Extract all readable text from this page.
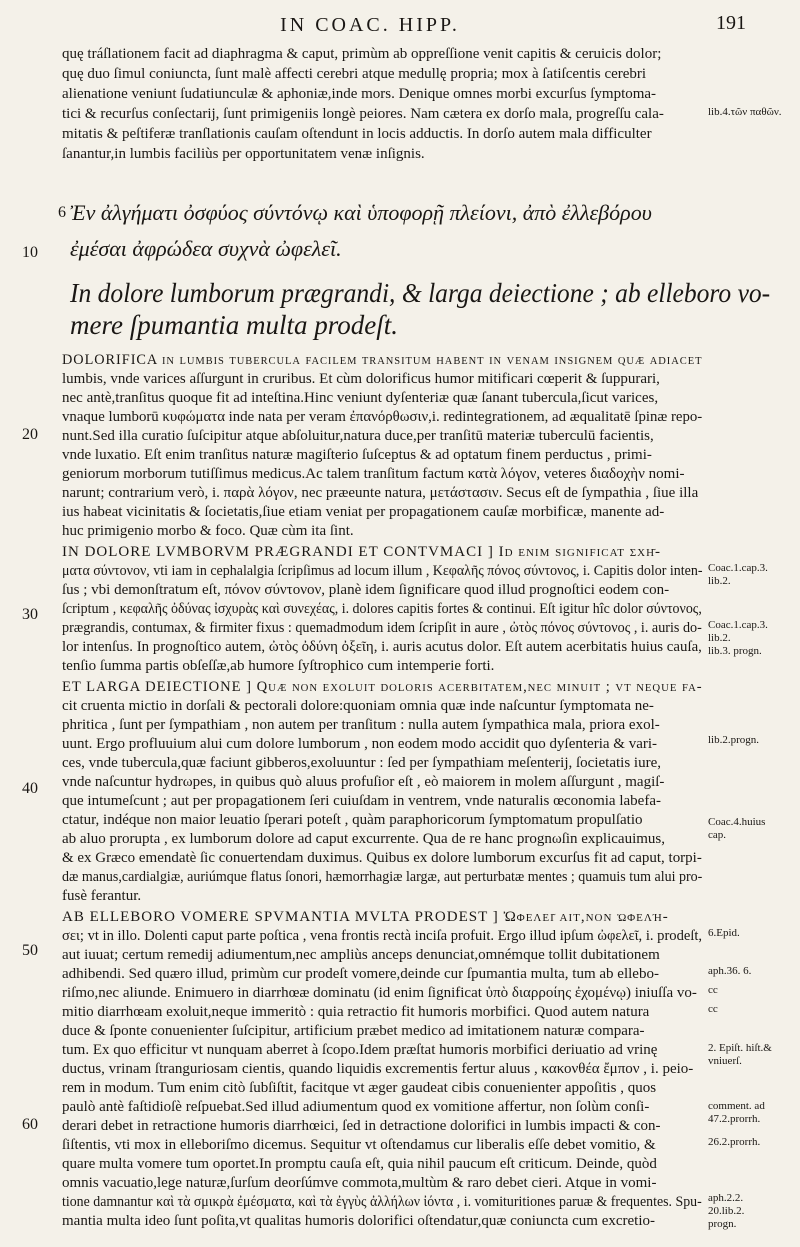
IN COAC. HIPP.	191
quę tráſlationem facit ad diaphragma & caput, primùm ab oppreſſione venit capitis & ceruicis dolor;
quę duo ſimul coniuncta, ſunt malè affecti cerebri atque medullę propria; mox à ſatiſcentis cerebri
alienatione veniunt ſudatiunculæ & aphoniæ,inde mors. Denique omnes morbi excurſus ſymptoma-
tici & recurſus conſectarij, ſunt primigeniis longè peiores. Nam cætera ex dorſo mala, progreſſu cala-
mitatis & peſtiferæ tranſlationis cauſam oſtendunt in locis adductis. In dorſo autem mala difficulter
ſanantur,in lumbis faciliùs per opportunitatem venæ inſignis.
6 Ἐν ἀλγήματι ὀσφύος σύντόνῳ καὶ ὑποφορῇ πλείονι, ἀπὸ ἐλλεβόρου
ἐμέσαι ἀφρώδεα συχνὰ ὠφελεῖ.
In dolore lumborum prægrandi, & larga deiectione ; ab elleboro vo-
mere ſpumantia multa prodeſt.
10
20
30
40
50
60
DOLORIFICA in lumbis tubercula facilem tranſitum habent in venam inſignem quæ adiacet
lumbis, vnde varices aſſurgunt in cruribus. Et cùm dolorificus humor mitificari cœperit & ſuppurari,
nec antè,tranſitus quoque fit ad inteſtina.Hinc veniunt dyſenteriæ quæ ſanant tubercula,ſicut varices,
vnaque lumborū κυφώματα inde nata per veram ἐπανόρθωσιν,i. redintegrationem, ad æqualitatē ſpinæ repo-
nunt.Sed illa curatio ſuſcipitur atque abſoluitur,natura duce,per tranſitū materiæ tuberculū facientis,
vnde luxatio. Eſt enim tranſitus naturæ magiſterio ſuſceptus & ad optatum finem perductus , primi-
geniorum morborum tutiſſimus medicus.Ac talem tranſitum factum κατὰ λόγον, veteres διαδοχὴν nomi-
narunt; contrarium verò, i. παρὰ λόγον, nec præeunte natura, μετάστασιν. Secus eſt de ſympathia , ſiue illa
ius habeat vicinitatis & ſocietatis,ſiue etiam veniat per propagationem cauſæ morbificæ, manente ad-
huc primigenio morbo & foco. Quæ cùm ita ſint.
IN DOLORE LVMBORVM PRÆGRANDI ET CONTVMACI ] Id enim ſignificat σχῆ-
ματα σύντονον, vti iam in cephalalgia ſcripſimus ad locum illum , Κεφαλῆς πόνος σύντονος, i. Capitis dolor inten-
ſus ; vbi demonſtratum eſt, πόνον σύντονον, planè idem ſignificare quod illud prognoſtici eodem con-
ſcriptum , κεφαλῆς ὀδύνας ἰσχυρὰς καὶ συνεχέας, i. dolores capitis fortes & continui. Eſt igitur hîc dolor σύντονος,
prægrandis, contumax, & firmiter fixus : quemadmodum idem ſcripſit in aure , ὠτὸς πόνος σύντονος , i. auris do-
lor intenſus. In prognoſtico autem, ὠτὸς ὀδύνη ὀξεῖη, i. auris acutus dolor. Eſt autem acerbitatis huius cauſa,
tenſio ſumma partis obſeſſæ,ab humore ſyſtrophico cum intemperie forti.
ET LARGA DEIECTIONE ] Quæ non exoluit doloris acerbitatem,nec minuit ; vt neque fa-
cit cruenta mictio in dorſali & pectorali dolore:quoniam omnia quæ inde naſcuntur ſymptomata ne-
phritica , ſunt per ſympathiam , non autem per tranſitum : nulla autem ſympathica mala, priora exol-
uunt. Ergo profluuium alui cum dolore lumborum , non eodem modo accidit quo dyſenteria & vari-
ces, vnde tubercula,quæ faciunt gibberos,exoluuntur : ſed per ſympathiam meſenterij, ſocietatis iure,
vnde naſcuntur hydrωpes, in quibus quò aluus profuſior eſt , eò maiorem in molem aſſurgunt , magiſ-
que intumeſcunt ; aut per propagationem ſeri cuiuſdam in ventrem, vnde naturalis œconomia labefa-
ctatur, indéque non maior leuatio ſperari poteſt , quàm paraphoricorum ſymptomatum propulſatio
ab aluo prorupta , ex lumborum dolore ad caput excurrente. Qua de re hanc prognωſin explicauimus,
& ex Græco emendatè ſic conuertendam duximus. Quibus ex dolore lumborum excurſus fit ad caput, torpi-
dæ manus,cardialgiæ, auriúmque flatus ſonori, hæmorrhagiæ largæ, aut perturbatæ mentes ; quamuis tum alui pro-
fusè ferantur.
AB ELLEBORO VOMERE SPVMANTIA MVLTA PRODEST ] Ὠφελεῖ ait,non ὠφελή-
σει; vt in illo. Dolenti caput parte poſtica , vena frontis rectà inciſa profuit. Ergo illud ipſum ὠφελεῖ, i. prodeſt,
aut iuuat; certum remedij adiumentum,nec ampliùs anceps denunciat,omnémque tollit dubitationem
adhibendi. Sed quæro illud, primùm cur prodeſt vomere,deinde cur ſpumantia multa, tum ab ellebo-
riſmo,nec aliunde. Enimuero in diarrhœæ dominatu (id enim ſignificat ὑπὸ διαρροίης ἐχομένῳ) iniuſſa vo-
mitio diarrhœam exoluit,neque immeritò : quia retractio fit humoris morbifici. Quod autem natura
duce & ſponte conuenienter ſuſcipitur, artificium præbet medico ad imitationem naturæ compara-
tum. Ex quo efficitur vt nunquam aberret à ſcopo.Idem præſtat humoris morbifici deriuatio ad vrinę
ductus, vrinam ſtranguriosam cientis, quando liquidis excrementis fertur aluus , κακονθέα ἔμπον , i. peio-
rem in modum. Tum enim citò ſubſiſtit, facitque vt æger gaudeat cibis conuenienter appoſitis , quos
paulò antè faſtidioſè reſpuebat.Sed illud adiumentum quod ex vomitione affertur, non ſolùm conſi-
derari debet in retractione humoris diarrhœici, ſed in detractione dolorifici in lumbis impacti & con-
ſiſtentis, vti mox in elleboriſmo dicemus. Sequitur vt oſtendamus cur liberalis eſſe debet vomitio, &
quare multa vomere tum oportet.In promptu cauſa eſt, quia nihil paucum eſt criticum. Deinde, quòd
omnis vacuatio,lege naturæ,ſurſum deorſúmve commota,multùm & raro debet cieri. Atque in vomi-
tione damnantur καὶ τὰ σμικρὰ ἐμέσματα, καὶ τὰ ἐγγὺς ἀλλήλων ἰόντα , i. vomituritiones paruæ & frequentes. Spu-
mantia multa ideo ſunt poſita,vt qualitas humoris dolorifici oſtendatur,quæ coniuncta cum excretio-
lib.4.τῶν παθῶν.
Coac.1.cap.3.
lib.2.
Coac.1.cap.3.
lib.2.
lib.3. progn.
lib.2.progn.
Coac.4.huius
cap.
6.Epid.
aph.36. 6.
cc
cc
2. Epiſt. hiſt.&
vniuerſ.
comment. ad
47.2.prorrh.
26.2.prorrh.
aph.2.2.
20.lib.2.
progn.
